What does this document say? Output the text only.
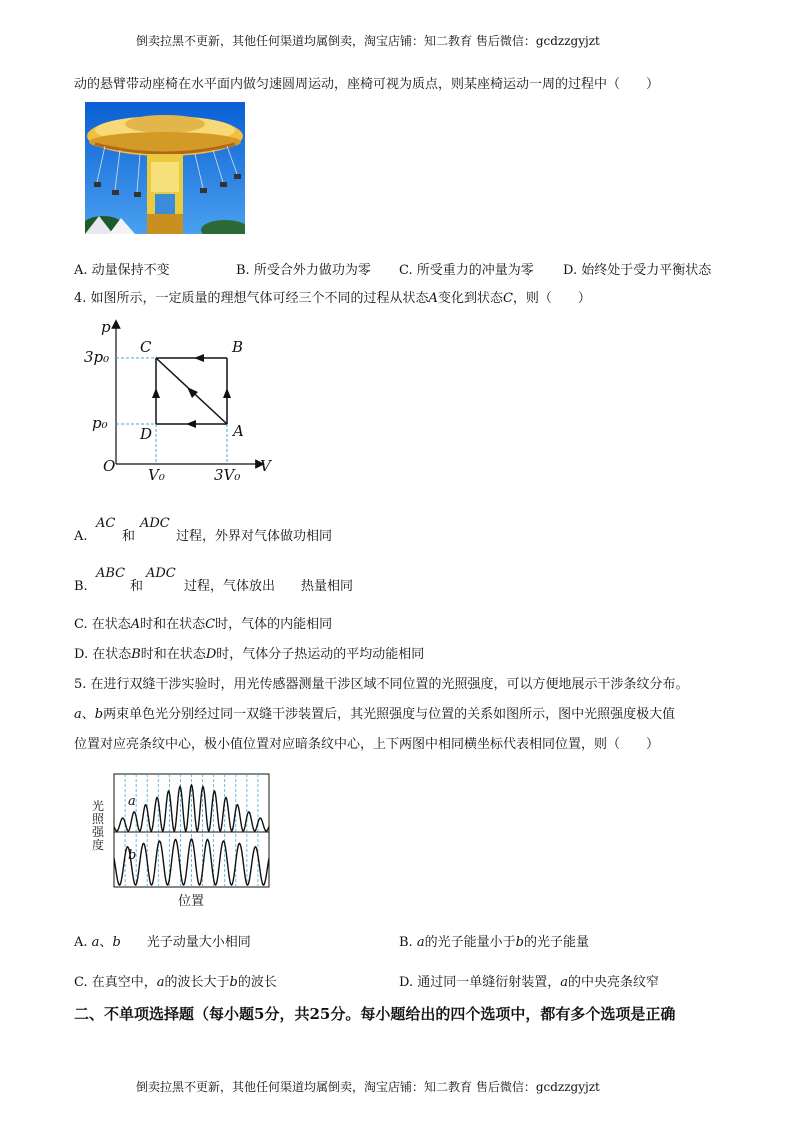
倒卖拉黑不更新，其他任何渠道均属倒卖，淘宝店铺：知二教育 售后微信：gcdzzgyjzt
动的悬臂带动座椅在水平面内做匀速圆周运动，座椅可视为质点，则某座椅运动一周的过程中（　　）
A. 动量保持不变	B. 所受合外力做功为零 C. 所受重力的冲量为零 D. 始终处于受力平衡状态
4. 如图所示，一定质量的理想气体可经三个不同的过程从状态A变化到状态C，则（　　）
p
V
O
3p₀
p₀
V₀	3V₀
A
B
C
D
A.
AC
和
ADC
过程，外界对气体做功相同
B.
ABC
和
ADC
过程，气体放出　　热量相同
C. 在状态A时和在状态C时，气体的内能相同
D. 在状态B时和在状态D时，气体分子热运动的平均动能相同
5. 在进行双缝干涉实验时，用光传感器测量干涉区域不同位置的光照强度，可以方便地展示干涉条纹分布。
a、b两束单色光分别经过同一双缝干涉装置后，其光照强度与位置的关系如图所示，图中光照强度极大值
位置对应亮条纹中心，极小值位置对应暗条纹中心，上下两图中相同横坐标代表相同位置，则（　　）
光照强度
位置
a
b
A. a、b　　光子动量大小相同	B. a的光子能量小于b的光子能量
C. 在真空中，a的波长大于b的波长	D. 通过同一单缝衍射装置，a的中央亮条纹窄
二、不单项选择题（每小题5分，共25分。每小题给出的四个选项中，都有多个选项是正确
倒卖拉黑不更新，其他任何渠道均属倒卖，淘宝店铺：知二教育 售后微信：gcdzzgyjzt
